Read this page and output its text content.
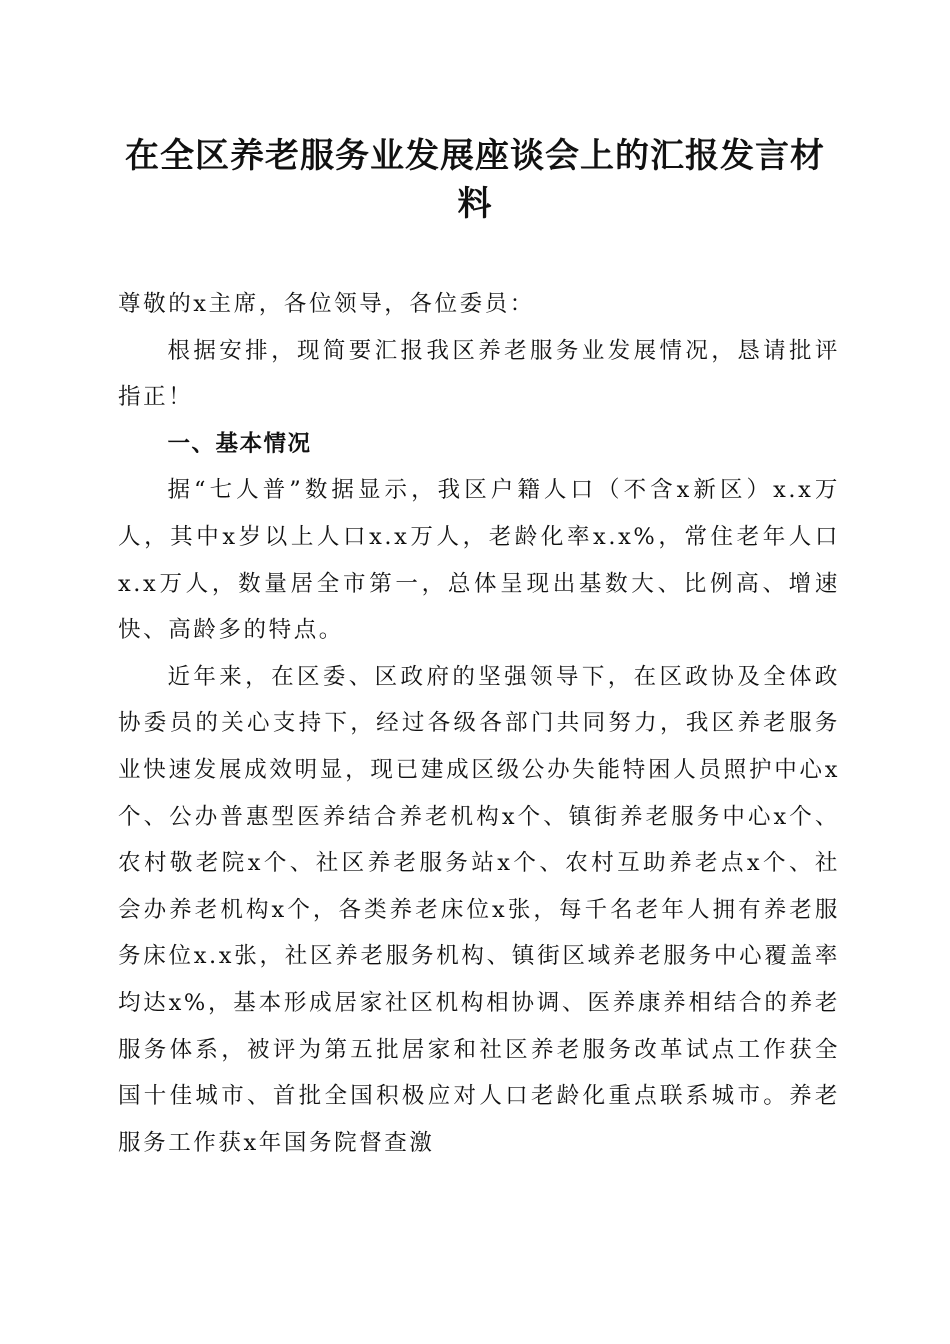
在全区养老服务业发展座谈会上的汇报发言材料

尊敬的x主席，各位领导，各位委员：

根据安排，现简要汇报我区养老服务业发展情况，恳请批评指正！

一、基本情况

据“七人普”数据显示，我区户籍人口（不含x新区）x.x万人，其中x岁以上人口x.x万人，老龄化率x.x%，常住老年人口x.x万人，数量居全市第一，总体呈现出基数大、比例高、增速快、高龄多的特点。

近年来，在区委、区政府的坚强领导下，在区政协及全体政协委员的关心支持下，经过各级各部门共同努力，我区养老服务业快速发展成效明显，现已建成区级公办失能特困人员照护中心x个、公办普惠型医养结合养老机构x个、镇街养老服务中心x个、农村敬老院x个、社区养老服务站x个、农村互助养老点x个、社会办养老机构x个，各类养老床位x张，每千名老年人拥有养老服务床位x.x张，社区养老服务机构、镇街区域养老服务中心覆盖率均达x%，基本形成居家社区机构相协调、医养康养相结合的养老服务体系，被评为第五批居家和社区养老服务改革试点工作获全国十佳城市、首批全国积极应对人口老龄化重点联系城市。养老服务工作获x年国务院督查激
